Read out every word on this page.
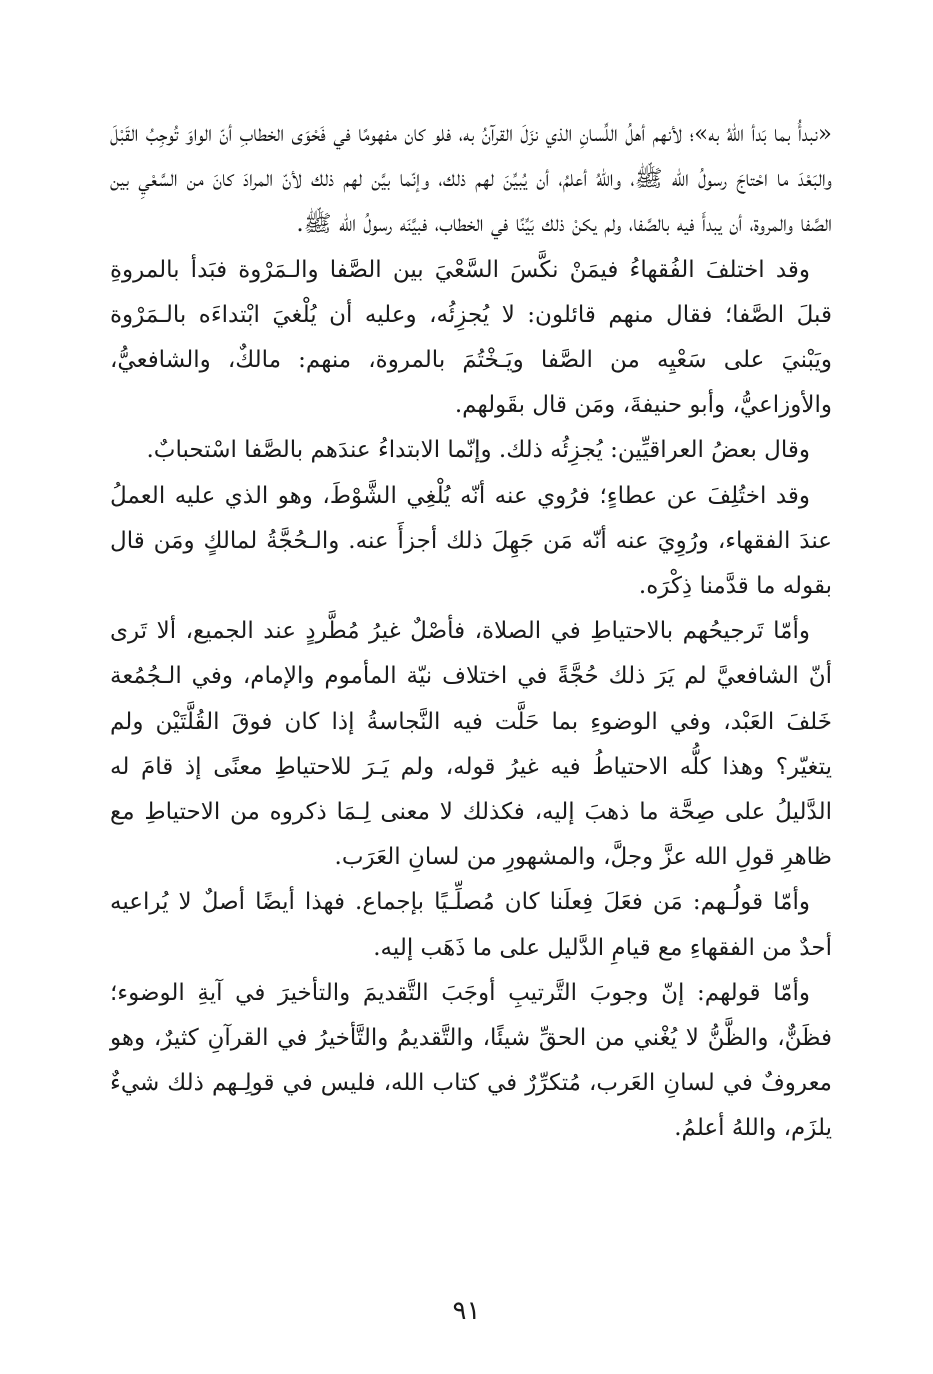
«نبدأُ بما بَدأ اللهُ به»؛ لأنهم أهلُ اللِّسانِ الذي نزَلَ القرآنُ به، فلو كان مفهومًا في فَحْوَى الخطابِ أنّ الواوَ تُوجِبُ القَبْلَ والبَعْدَ ما احْتاجَ رسولُ الله ﷺ، واللهُ أعلمُ، أن يُبيِّنَ لهم ذلك، وإنّما بيَّن لهم ذلك لأنّ المرادَ كانَ من السَّعْيِ بين الصَّفا والمروة، أن يبدأَ فيه بالصَّفا، ولم يكنْ ذلك بَيِّنًا في الخطاب، فبيَّنَه رسولُ الله ﷺ.

وقد اختلفَ الفُقهاءُ فيمَنْ نكَّسَ السَّعْيَ بين الصَّفا والـمَرْوة فبَدأ بالمروةِ قبلَ الصَّفا؛ فقال منهم قائلون: لا يُجزِئُه، وعليه أن يُلْغيَ ابْتداءَه بالـمَرْوة ويَبْنيَ على سَعْيِه من الصَّفا ويَـخْتُمَ بالمروة، منهم: مالكٌ، والشافعيُّ، والأوزاعيُّ، وأبو حنيفةَ، ومَن قال بقَولهم.

وقال بعضُ العراقيِّين: يُجزِئُه ذلك. وإنّما الابتداءُ عندَهم بالصَّفا اسْتحبابٌ.

وقد اختُلِفَ عن عطاءٍ؛ فرُوي عنه أنّه يُلْغِي الشَّوْطَ، وهو الذي عليه العملُ عندَ الفقهاء، ورُوِيَ عنه أنّه مَن جَهِلَ ذلك أجزأَ عنه. والـحُجَّةُ لمالكٍ ومَن قال بقوله ما قدَّمنا ذِكْرَه.

وأمّا تَرجيحُهم بالاحتياطِ في الصلاة، فأصْلٌ غيرُ مُطَّردٍ عند الجميع، ألا تَرى أنّ الشافعيَّ لم يَرَ ذلك حُجَّةً في اختلاف نيّة المأموم والإمام، وفي الـجُمُعة خَلفَ العَبْد، وفي الوضوءِ بما حَلَّت فيه النَّجاسةُ إذا كان فوقَ القُلَّتَيْن ولم يتغيّر؟ وهذا كلُّه الاحتياطُ فيه غيرُ قوله، ولم يَـرَ للاحتياطِ معنًى إذ قامَ له الدَّليلُ على صِحَّة ما ذهبَ إليه، فكذلك لا معنى لِـمَا ذكروه من الاحتياطِ مع ظاهرِ قولِ الله عزَّ وجلَّ، والمشهورِ من لسانِ العَرَب.

وأمّا قولُـهم: مَن فعَلَ فِعلَنا كان مُصلِّـيًا بإجماع. فهذا أيضًا أصلٌ لا يُراعيه أحدٌ من الفقهاءِ مع قيامِ الدَّليل على ما ذَهَب إليه.

وأمّا قولهم: إنّ وجوبَ التَّرتيبِ أوجَبَ التَّقديمَ والتأخيرَ في آيةِ الوضوء؛ فظَنٌّ، والظَّنُّ لا يُغْني من الحقِّ شيئًا، والتَّقديمُ والتَّأخيرُ في القرآنِ كثيرٌ، وهو معروفٌ في لسانِ العَرب، مُتكرِّرٌ في كتاب الله، فليس في قولِـهم ذلك شيءٌ يلزَم، واللهُ أعلمُ.

٩١
